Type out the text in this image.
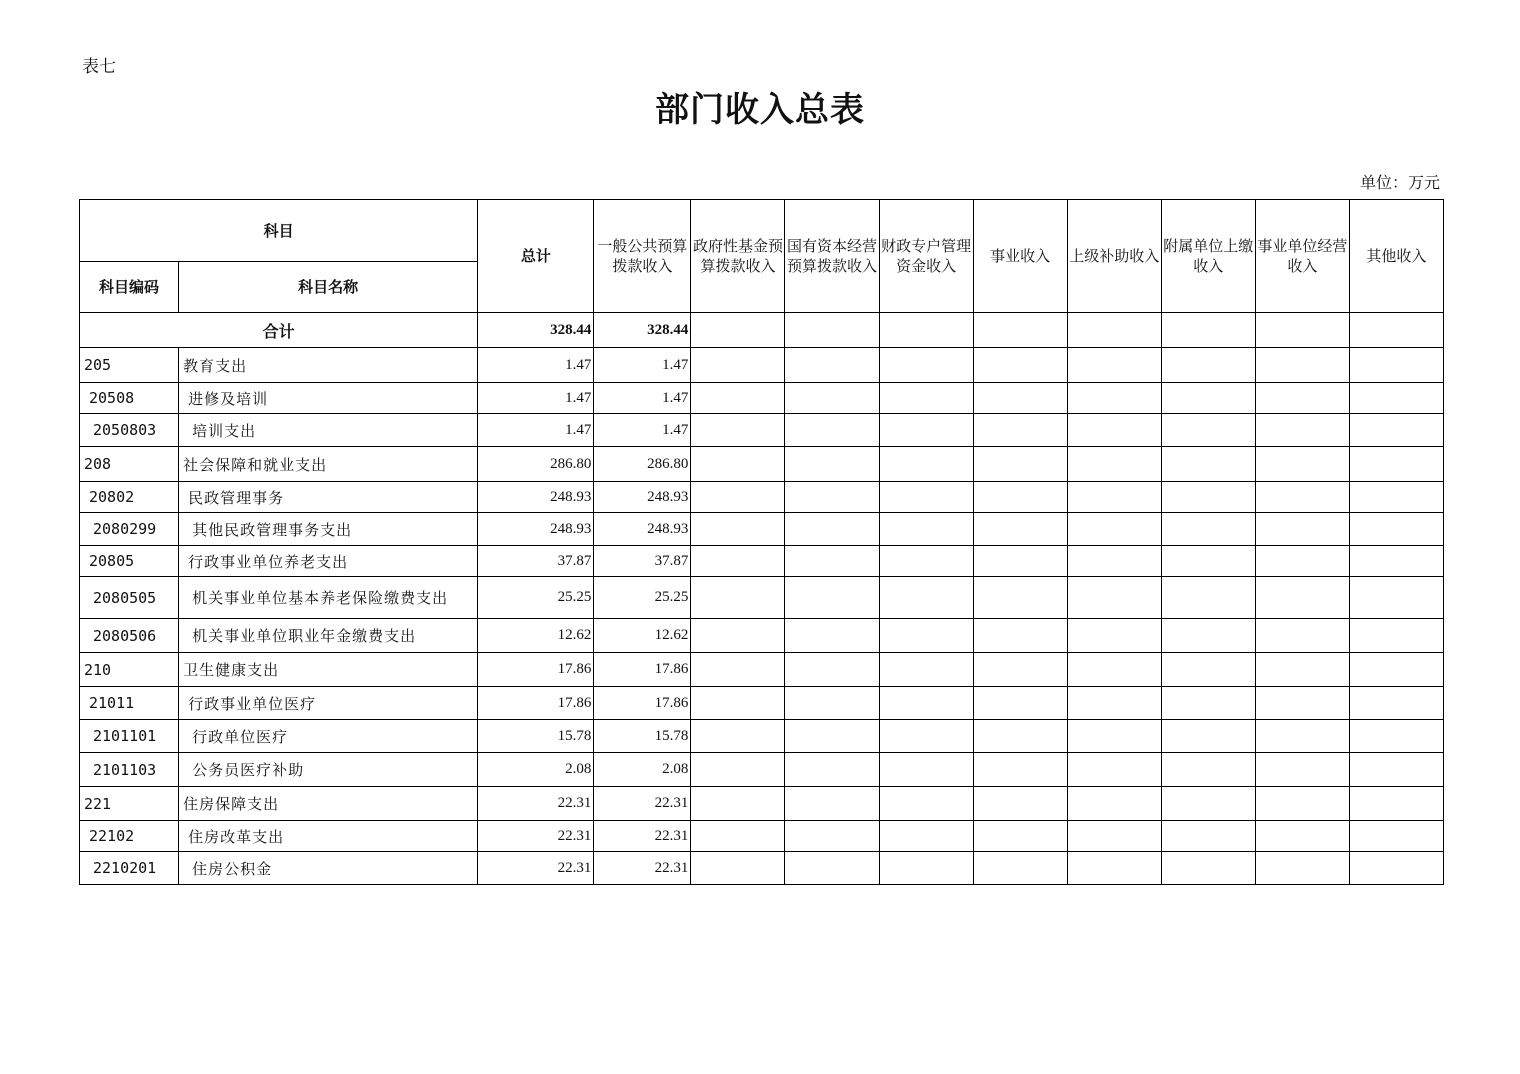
表七
部门收入总表
单位：万元
科目		总计	一般公共预算拨款收入	政府性基金预算拨款收入	国有资本经营预算拨款收入	财政专户管理资金收入	事业收入	上级补助收入	附属单位上缴收入	事业单位经营收入	其他收入
科目编码	科目名称										
合计		328.44	328.44								
205	教育支出	1.47	1.47								
20508	进修及培训	1.47	1.47								
2050803	培训支出	1.47	1.47								
208	社会保障和就业支出	286.80	286.80								
20802	民政管理事务	248.93	248.93								
2080299	其他民政管理事务支出	248.93	248.93								
20805	行政事业单位养老支出	37.87	37.87								
2080505	机关事业单位基本养老保险缴费支出	25.25	25.25								
2080506	机关事业单位职业年金缴费支出	12.62	12.62								
210	卫生健康支出	17.86	17.86								
21011	行政事业单位医疗	17.86	17.86								
2101101	行政单位医疗	15.78	15.78								
2101103	公务员医疗补助	2.08	2.08								
221	住房保障支出	22.31	22.31								
22102	住房改革支出	22.31	22.31								
2210201	住房公积金	22.31	22.31								
